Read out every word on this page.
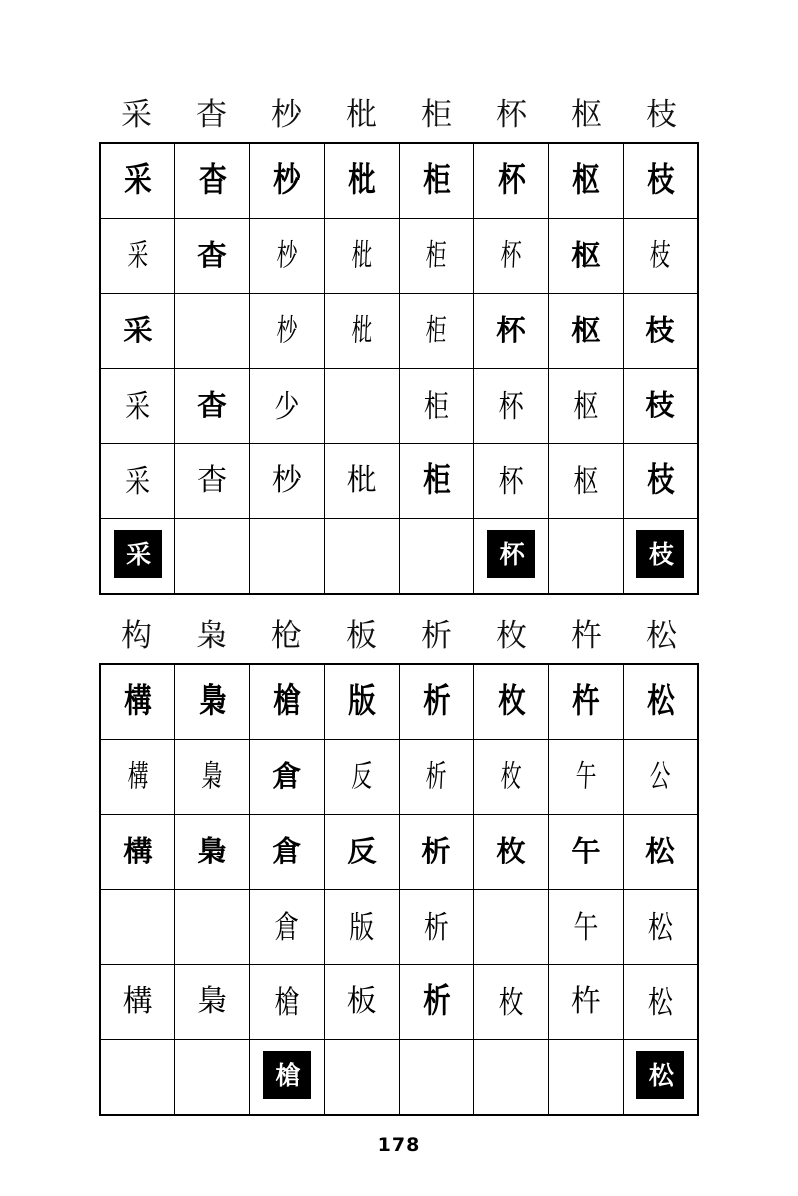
采	杳	杪	枇	柜	杯	枢	枝
采	杳	杪	枇	柜	杯	枢	枝
采	杳	杪	枇	柜	杯	枢	枝
采		杪	枇	柜	杯	枢	枝
采	杳	少		柜	杯	枢	枝
采	杳	杪	枇	柜	杯	枢	枝
采					杯		枝
构	枭	枪	板	析	枚	杵	松
構	梟	槍	版	析	枚	杵	松
構	梟	倉	反	析	枚	午	公
構	梟	倉	反	析	枚	午	松
		倉	版	析		午	松
構	梟	槍	板	析	枚	杵	松
		槍					松
178
